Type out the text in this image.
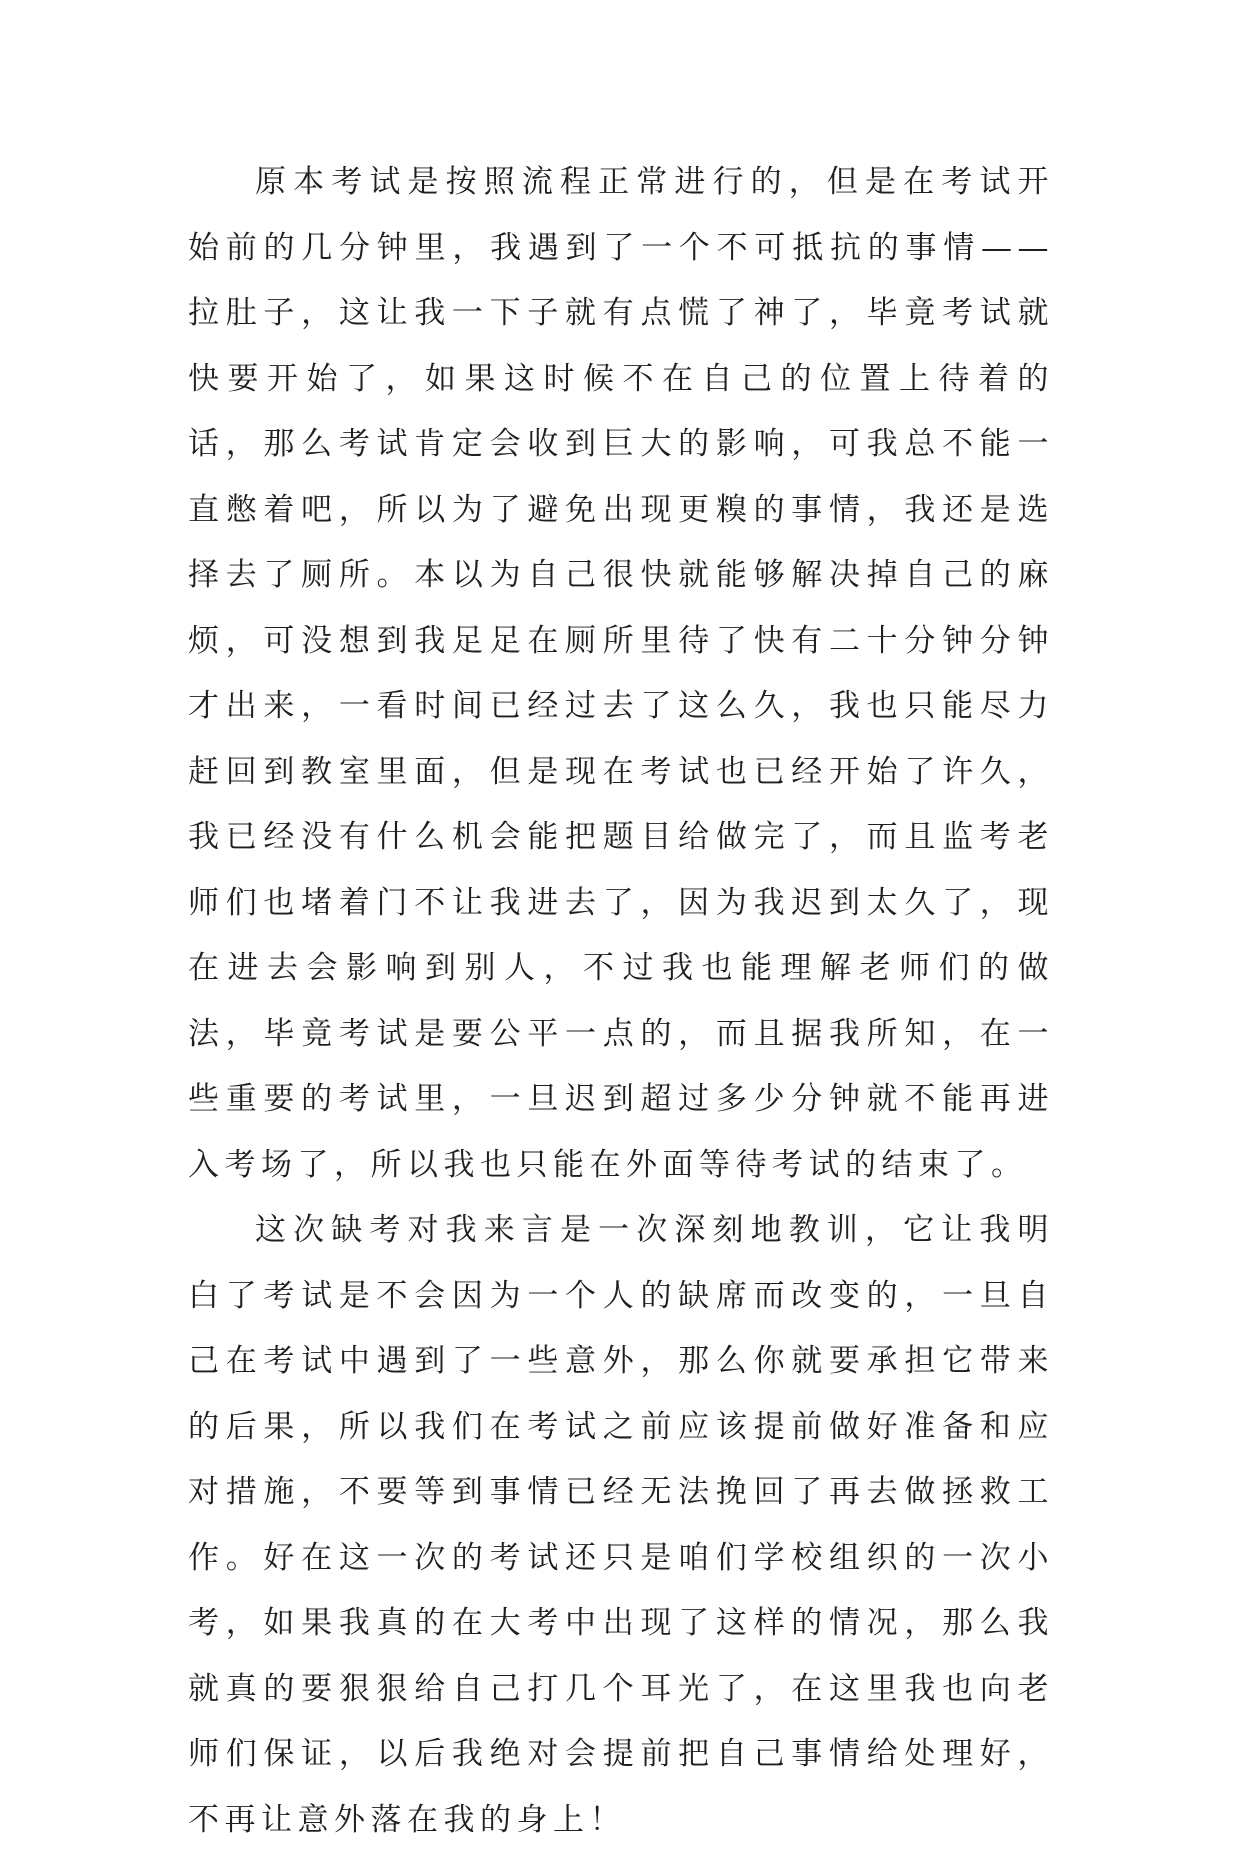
原本考试是按照流程正常进行的，但是在考试开始前的几分钟里，我遇到了一个不可抵抗的事情——拉肚子，这让我一下子就有点慌了神了，毕竟考试就快要开始了，如果这时候不在自己的位置上待着的话，那么考试肯定会收到巨大的影响，可我总不能一直憋着吧，所以为了避免出现更糗的事情，我还是选择去了厕所。本以为自己很快就能够解决掉自己的麻烦，可没想到我足足在厕所里待了快有二十分钟分钟才出来，一看时间已经过去了这么久，我也只能尽力赶回到教室里面，但是现在考试也已经开始了许久，我已经没有什么机会能把题目给做完了，而且监考老师们也堵着门不让我进去了，因为我迟到太久了，现在进去会影响到别人，不过我也能理解老师们的做法，毕竟考试是要公平一点的，而且据我所知，在一些重要的考试里，一旦迟到超过多少分钟就不能再进入考场了，所以我也只能在外面等待考试的结束了。

这次缺考对我来言是一次深刻地教训，它让我明白了考试是不会因为一个人的缺席而改变的，一旦自己在考试中遇到了一些意外，那么你就要承担它带来的后果，所以我们在考试之前应该提前做好准备和应对措施，不要等到事情已经无法挽回了再去做拯救工作。好在这一次的考试还只是咱们学校组织的一次小考，如果我真的在大考中出现了这样的情况，那么我就真的要狠狠给自己打几个耳光了，在这里我也向老师们保证，以后我绝对会提前把自己事情给处理好，不再让意外落在我的身上！
